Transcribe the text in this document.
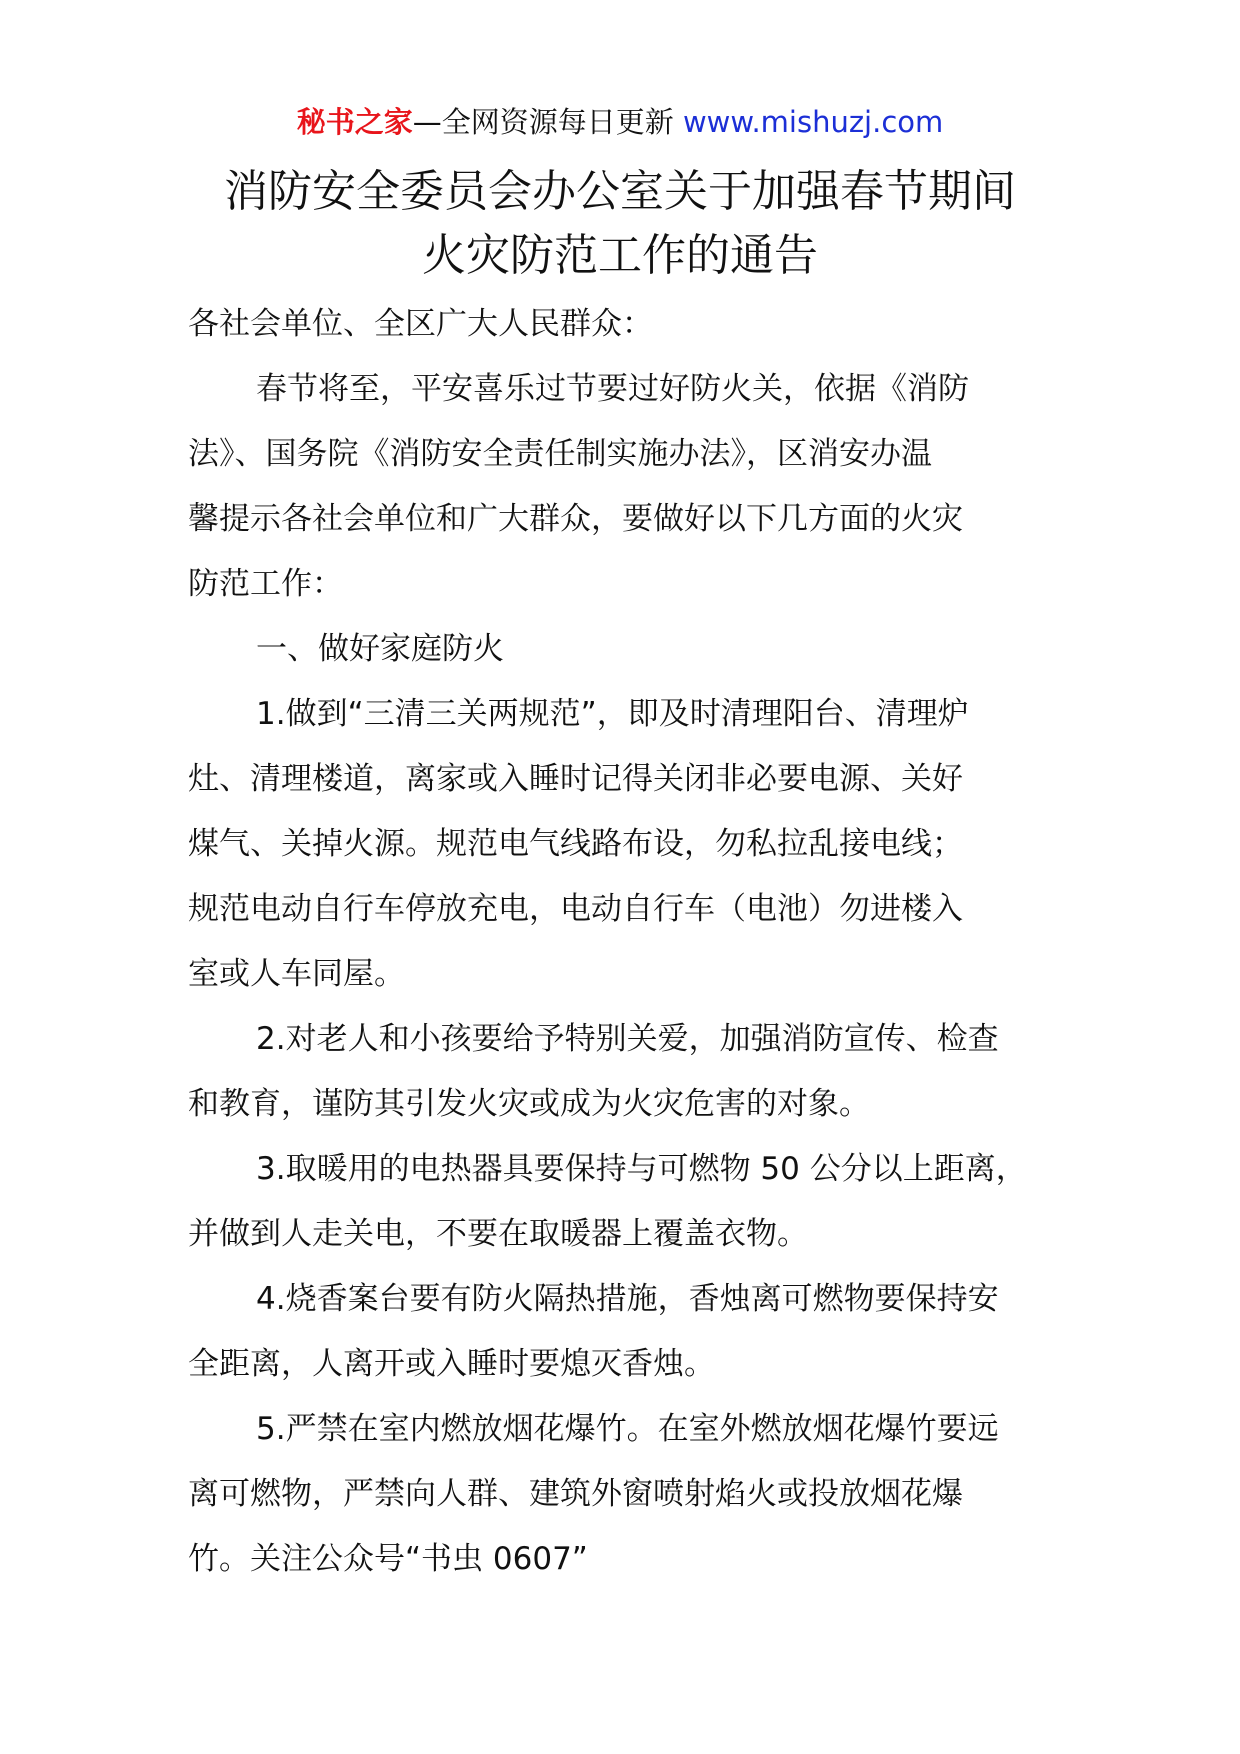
秘书之家—全网资源每日更新 www.mishuzj.com
消防安全委员会办公室关于加强春节期间
火灾防范工作的通告

各社会单位、全区广大人民群众：

春节将至，平安喜乐过节要过好防火关，依据《消防

法》、国务院《消防安全责任制实施办法》，区消安办温

馨提示各社会单位和广大群众，要做好以下几方面的火灾

防范工作：

一、做好家庭防火

1.做到“三清三关两规范”，即及时清理阳台、清理炉

灶、清理楼道，离家或入睡时记得关闭非必要电源、关好

煤气、关掉火源。规范电气线路布设，勿私拉乱接电线；

规范电动自行车停放充电，电动自行车（电池）勿进楼入

室或人车同屋。

2.对老人和小孩要给予特别关爱，加强消防宣传、检查

和教育，谨防其引发火灾或成为火灾危害的对象。

3.取暖用的电热器具要保持与可燃物 50 公分以上距离，

并做到人走关电，不要在取暖器上覆盖衣物。

4.烧香案台要有防火隔热措施，香烛离可燃物要保持安

全距离，人离开或入睡时要熄灭香烛。

5.严禁在室内燃放烟花爆竹。在室外燃放烟花爆竹要远

离可燃物，严禁向人群、建筑外窗喷射焰火或投放烟花爆

竹。关注公众号“书虫 0607”
